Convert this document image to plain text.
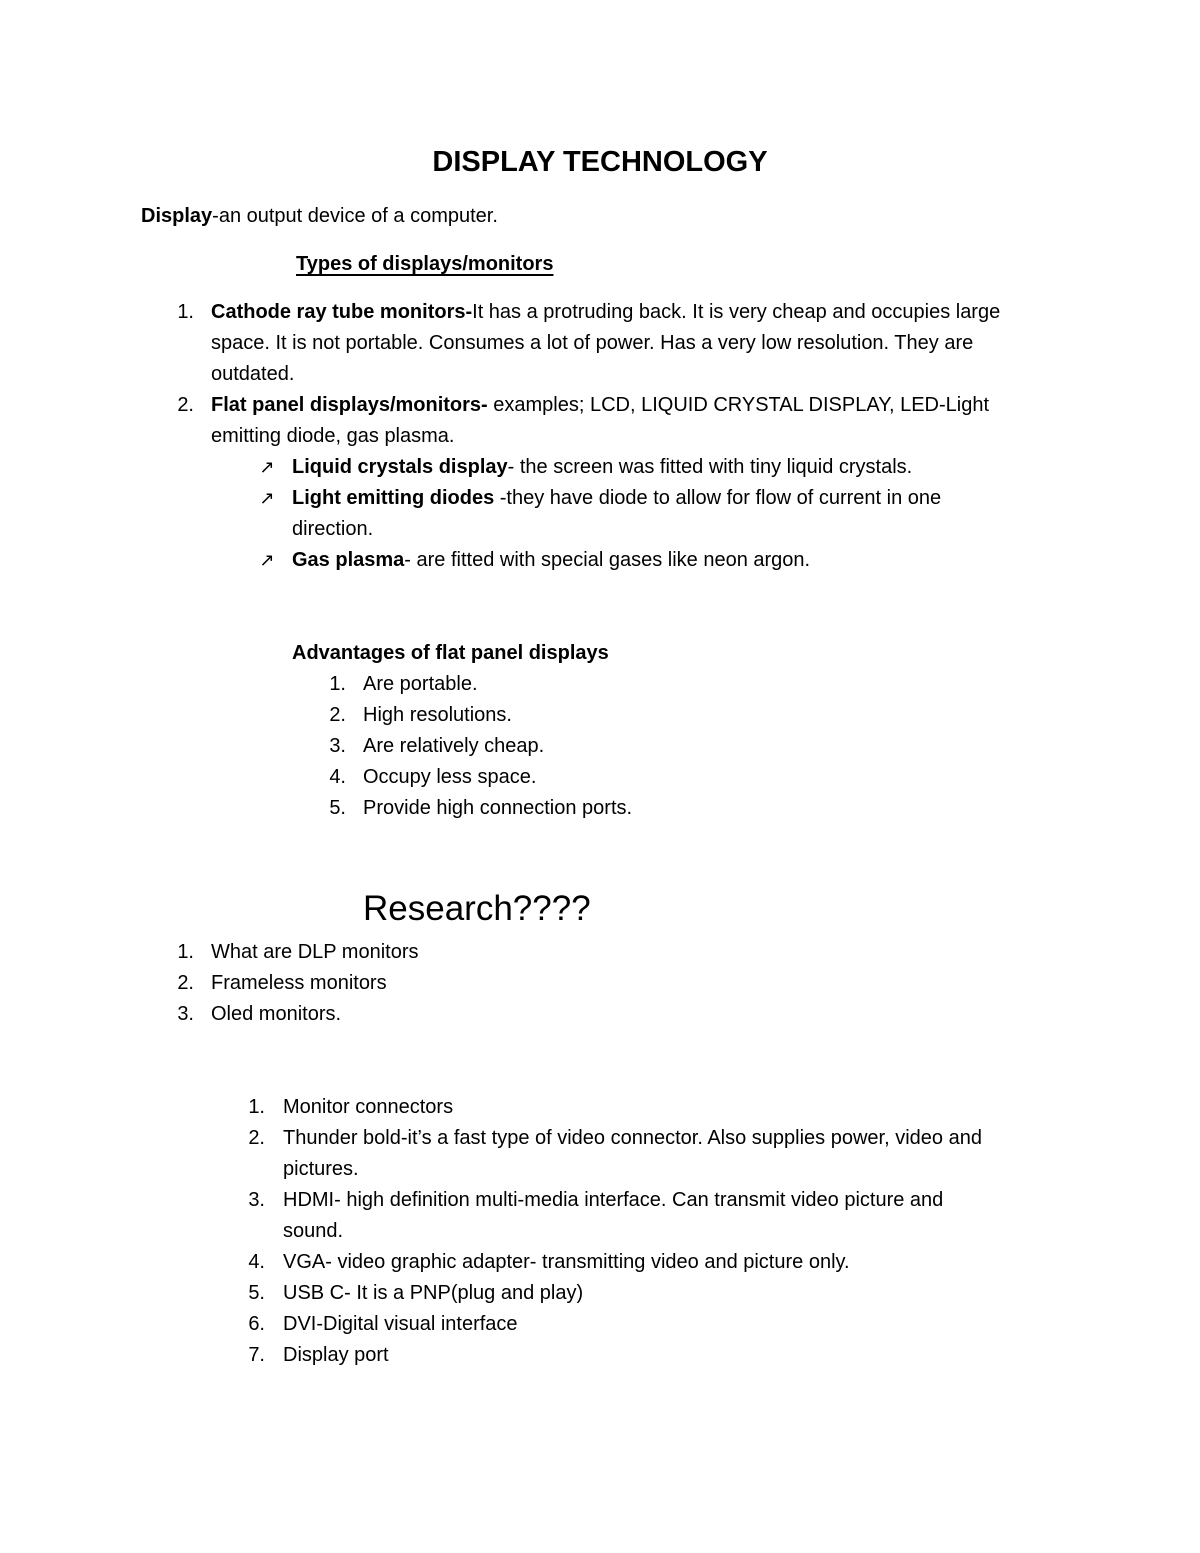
DISPLAY TECHNOLOGY
Display-an output device of a computer.
Types of displays/monitors
1. Cathode ray tube monitors-It has a protruding back. It is very cheap and occupies large
space. It is not portable. Consumes a lot of power. Has a very low resolution. They are
outdated.
2. Flat panel displays/monitors- examples; LCD, LIQUID CRYSTAL DISPLAY, LED-Light
emitting diode, gas plasma.
↗ Liquid crystals display- the screen was fitted with tiny liquid crystals.
↗ Light emitting diodes -they have diode to allow for flow of current in one
direction.
↗ Gas plasma- are fitted with special gases like neon argon.
Advantages of flat panel displays
1. Are portable.
2. High resolutions.
3. Are relatively cheap.
4. Occupy less space.
5. Provide high connection ports.
Research????
1. What are DLP monitors
2. Frameless monitors
3. Oled monitors.
1. Monitor connectors
2. Thunder bold-it’s a fast type of video connector. Also supplies power, video and
pictures.
3. HDMI- high definition multi-media interface. Can transmit video picture and
sound.
4. VGA- video graphic adapter- transmitting video and picture only.
5. USB C- It is a PNP(plug and play)
6. DVI-Digital visual interface
7. Display port
